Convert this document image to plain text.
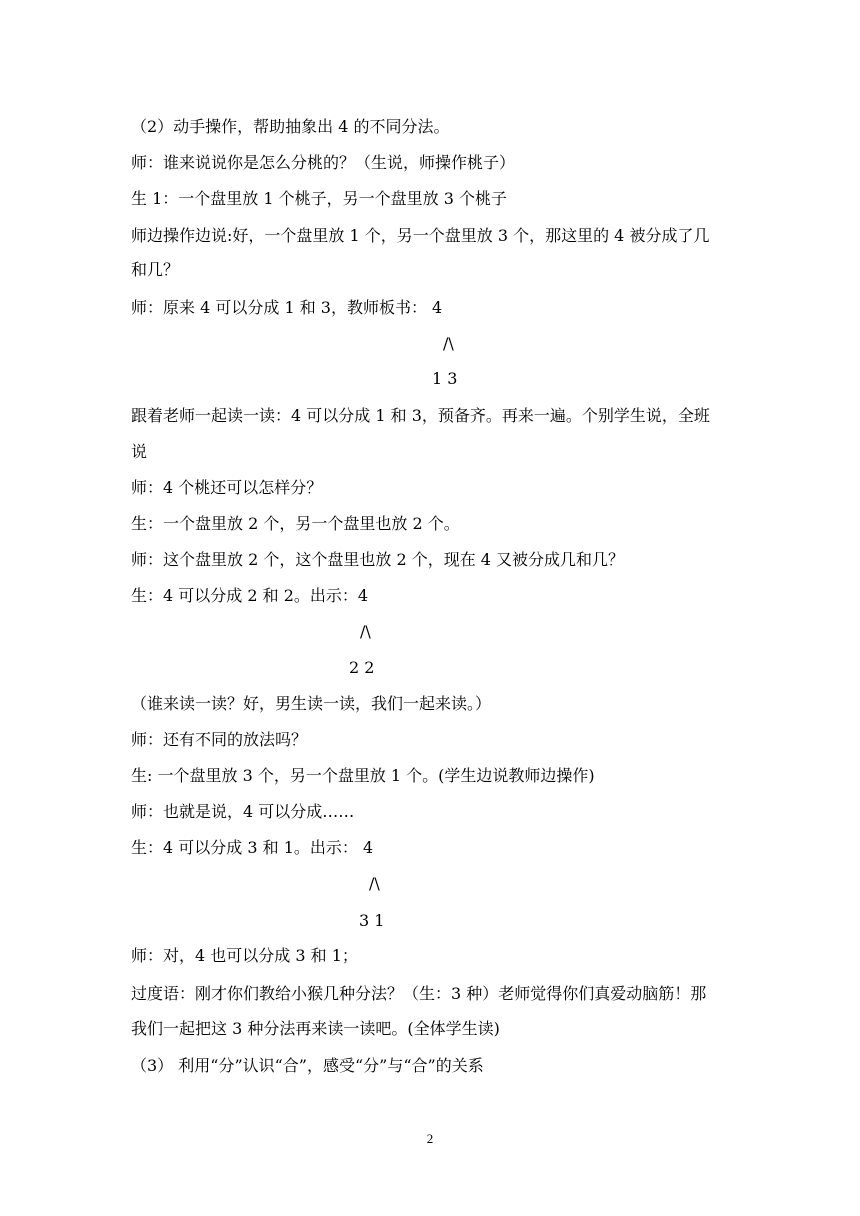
（2）动手操作，帮助抽象出 4 的不同分法。
师：谁来说说你是怎么分桃的？（生说，师操作桃子）
生 1：一个盘里放 1 个桃子，另一个盘里放 3 个桃子
师边操作边说:好，一个盘里放 1 个，另一个盘里放 3 个，那这里的 4 被分成了几
和几？
师：原来 4 可以分成 1 和 3，教师板书： 4
/\
1 3
跟着老师一起读一读：4 可以分成 1 和 3，预备齐。再来一遍。个别学生说，全班
说
师：4 个桃还可以怎样分？
生：一个盘里放 2 个，另一个盘里也放 2 个。
师：这个盘里放 2 个，这个盘里也放 2 个，现在 4 又被分成几和几？
生：4 可以分成 2 和 2。出示：4
/\
2 2
（谁来读一读？好，男生读一读，我们一起来读。）
师：还有不同的放法吗？
生: 一个盘里放 3 个，另一个盘里放 1 个。(学生边说教师边操作)
师：也就是说，4 可以分成……
生：4 可以分成 3 和 1。出示： 4
/\
3 1
师：对，4 也可以分成 3 和 1；
过度语：刚才你们教给小猴几种分法？（生：3 种）老师觉得你们真爱动脑筋！那
我们一起把这 3 种分法再来读一读吧。(全体学生读)
（3） 利用“分”认识“合”，感受“分”与“合”的关系
2
